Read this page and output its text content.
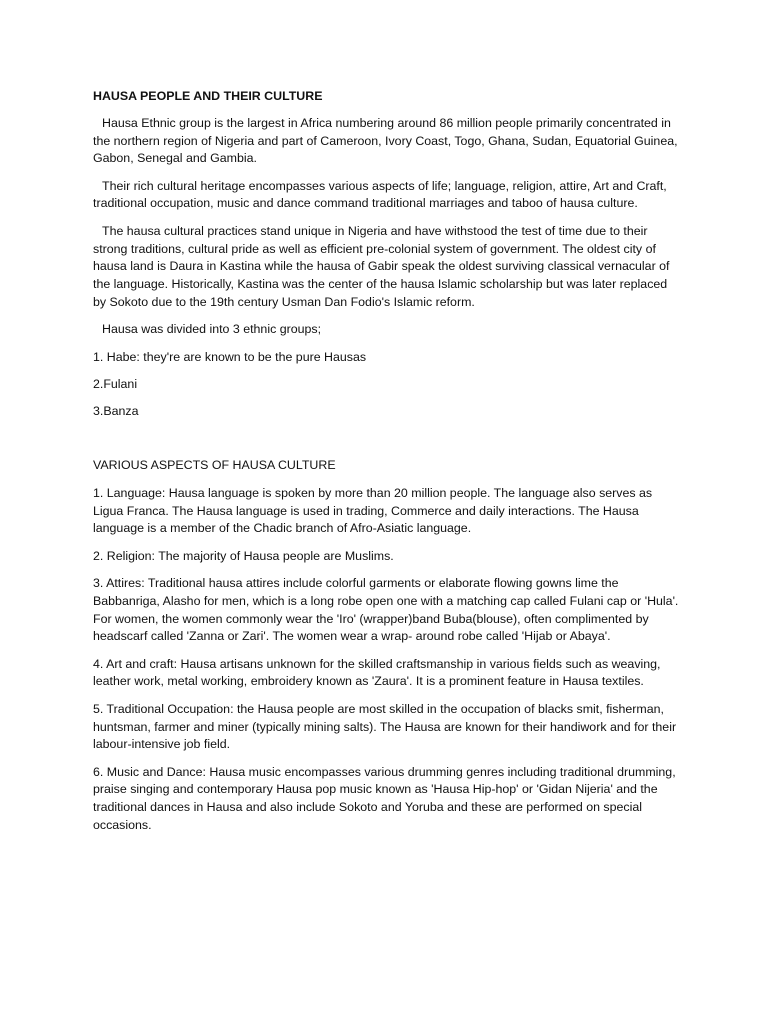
HAUSA PEOPLE AND THEIR CULTURE

Hausa Ethnic group is the largest in Africa numbering around 86 million people primarily concentrated in the northern region of Nigeria and part of Cameroon, Ivory Coast, Togo, Ghana, Sudan, Equatorial Guinea, Gabon, Senegal and Gambia.

Their rich cultural heritage encompasses various aspects of life; language, religion, attire, Art and Craft, traditional occupation, music and dance command traditional marriages and taboo of hausa culture.

The hausa cultural practices stand unique in Nigeria and have withstood the test of time due to their strong traditions, cultural pride as well as efficient pre-colonial system of government. The oldest city of hausa land is Daura in Kastina while the hausa of Gabir speak the oldest surviving classical vernacular of the language. Historically, Kastina was the center of the hausa Islamic scholarship but was later replaced by Sokoto due to the 19th century Usman Dan Fodio's Islamic reform.

Hausa was divided into 3 ethnic groups;

1. Habe: they're are known to be the pure Hausas

2.Fulani

3.Banza

VARIOUS ASPECTS OF HAUSA CULTURE

1. Language: Hausa language is spoken by more than 20 million people. The language also serves as Ligua Franca. The Hausa language is used in trading, Commerce and daily interactions. The Hausa language is a member of the Chadic branch of Afro-Asiatic language.

2. Religion: The majority of Hausa people are Muslims.

3. Attires: Traditional hausa attires include colorful garments or elaborate flowing gowns lime the Babbanriga, Alasho for men, which is a long robe open one with a matching cap called Fulani cap or 'Hula'. For women, the women commonly wear the 'Iro' (wrapper)band Buba(blouse), often complimented by headscarf called 'Zanna or Zari'. The women wear a wrap- around robe called 'Hijab or Abaya'.

4. Art and craft: Hausa artisans unknown for the skilled craftsmanship in various fields such as weaving, leather work, metal working, embroidery known as 'Zaura'. It is a prominent feature in Hausa textiles.

5. Traditional Occupation: the Hausa people are most skilled in the occupation of blacks smit, fisherman, huntsman, farmer and miner (typically mining salts). The Hausa are known for their handiwork and for their labour-intensive job field.

6. Music and Dance: Hausa music encompasses various drumming genres including traditional drumming, praise singing and contemporary Hausa pop music known as 'Hausa Hip-hop' or 'Gidan Nijeria' and the traditional dances in Hausa and also include Sokoto and Yoruba and these are performed on special occasions.
